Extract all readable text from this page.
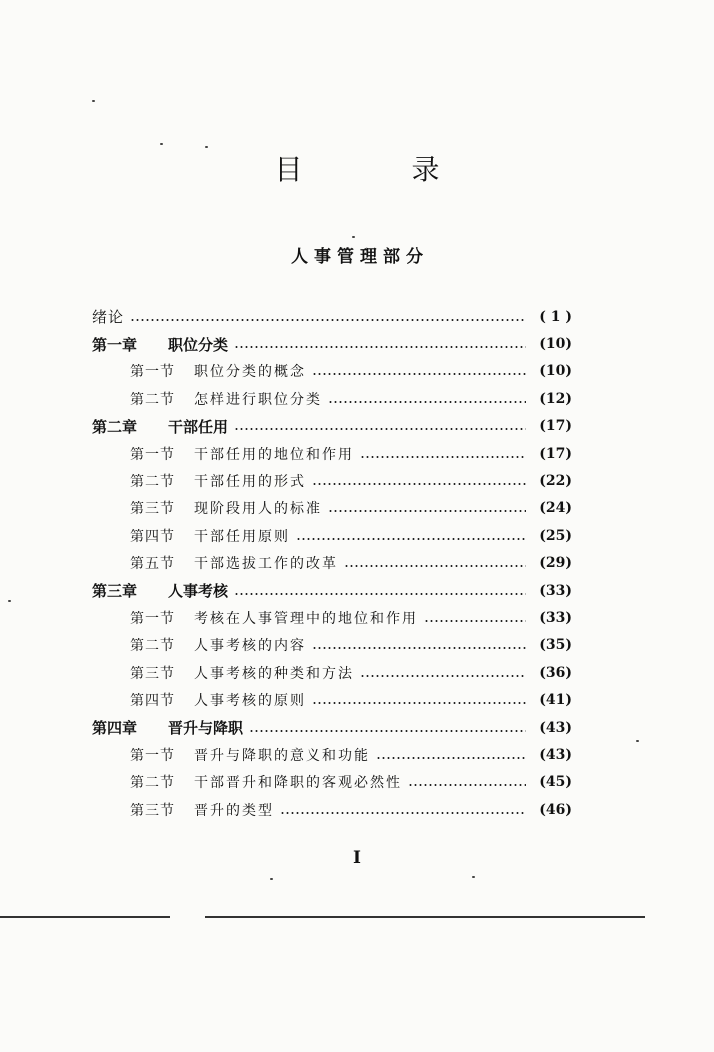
目 录
人事管理部分
绪论	( 1 )
第一章	职位分类	(10)
第一节	职位分类的概念	(10)
第二节	怎样进行职位分类	(12)
第二章	干部任用	(17)
第一节	干部任用的地位和作用	(17)
第二节	干部任用的形式	(22)
第三节	现阶段用人的标准	(24)
第四节	干部任用原则	(25)
第五节	干部选拔工作的改革	(29)
第三章	人事考核	(33)
第一节	考核在人事管理中的地位和作用	(33)
第二节	人事考核的内容	(35)
第三节	人事考核的种类和方法	(36)
第四节	人事考核的原则	(41)
第四章	晋升与降职	(43)
第一节	晋升与降职的意义和功能	(43)
第二节	干部晋升和降职的客观必然性	(45)
第三节	晋升的类型	(46)
I
